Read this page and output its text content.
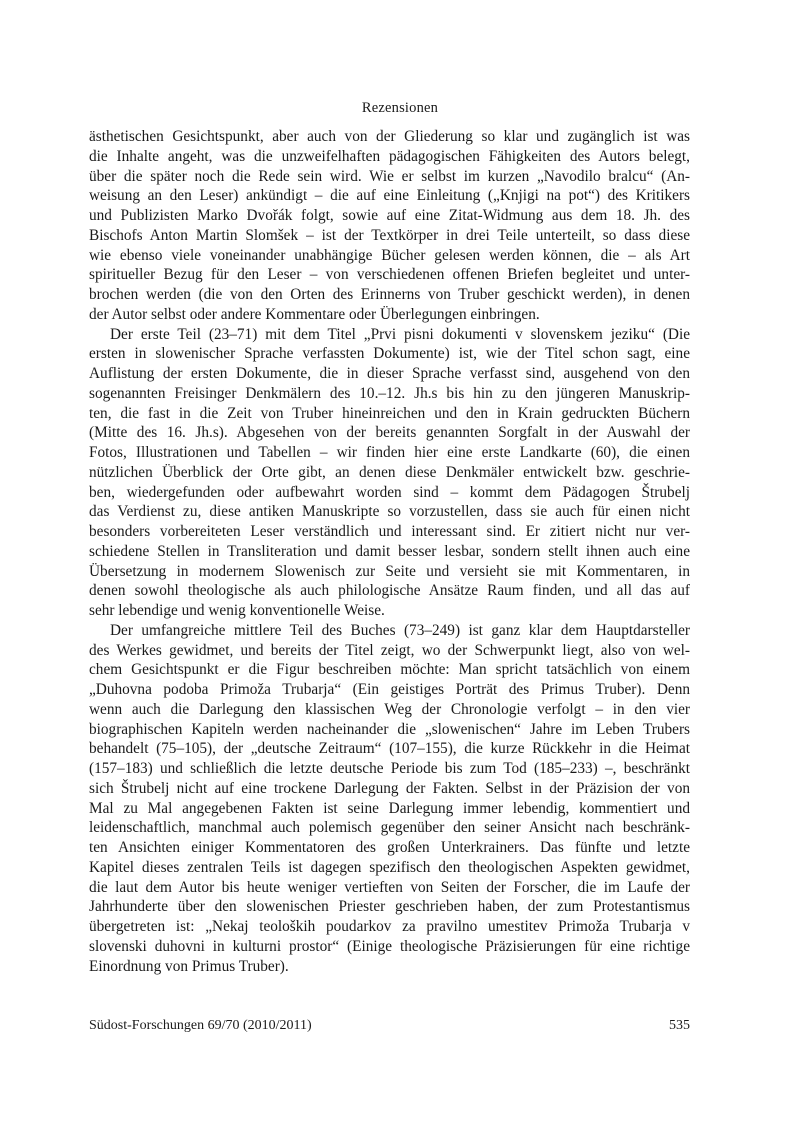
Rezensionen

ästhetischen Gesichtspunkt, aber auch von der Gliederung so klar und zugänglich ist was
die Inhalte angeht, was die unzweifelhaften pädagogischen Fähigkeiten des Autors belegt,
über die später noch die Rede sein wird. Wie er selbst im kurzen „Navodilo bralcu“ (An-
weisung an den Leser) ankündigt – die auf eine Einleitung („Knjigi na pot“) des Kritikers
und Publizisten Marko Dvořák folgt, sowie auf eine Zitat-Widmung aus dem 18. Jh. des
Bischofs Anton Martin Slomšek – ist der Textkörper in drei Teile unterteilt, so dass diese
wie ebenso viele voneinander unabhängige Bücher gelesen werden können, die – als Art
spiritueller Bezug für den Leser – von verschiedenen offenen Briefen begleitet und unter-
brochen werden (die von den Orten des Erinnerns von Truber geschickt werden), in denen
der Autor selbst oder andere Kommentare oder Überlegungen einbringen.

Der erste Teil (23–71) mit dem Titel „Prvi pisni dokumenti v slovenskem jeziku“ (Die
ersten in slowenischer Sprache verfassten Dokumente) ist, wie der Titel schon sagt, eine
Auflistung der ersten Dokumente, die in dieser Sprache verfasst sind, ausgehend von den
sogenannten Freisinger Denkmälern des 10.–12. Jh.s bis hin zu den jüngeren Manuskrip-
ten, die fast in die Zeit von Truber hineinreichen und den in Krain gedruckten Büchern
(Mitte des 16. Jh.s). Abgesehen von der bereits genannten Sorgfalt in der Auswahl der
Fotos, Illustrationen und Tabellen – wir finden hier eine erste Landkarte (60), die einen
nützlichen Überblick der Orte gibt, an denen diese Denkmäler entwickelt bzw. geschrie-
ben, wiedergefunden oder aufbewahrt worden sind – kommt dem Pädagogen Štrubelj
das Verdienst zu, diese antiken Manuskripte so vorzustellen, dass sie auch für einen nicht
besonders vorbereiteten Leser verständlich und interessant sind. Er zitiert nicht nur ver-
schiedene Stellen in Transliteration und damit besser lesbar, sondern stellt ihnen auch eine
Übersetzung in modernem Slowenisch zur Seite und versieht sie mit Kommentaren, in
denen sowohl theologische als auch philologische Ansätze Raum finden, und all das auf
sehr lebendige und wenig konventionelle Weise.

Der umfangreiche mittlere Teil des Buches (73–249) ist ganz klar dem Hauptdarsteller
des Werkes gewidmet, und bereits der Titel zeigt, wo der Schwerpunkt liegt, also von wel-
chem Gesichtspunkt er die Figur beschreiben möchte: Man spricht tatsächlich von einem
„Duhovna podoba Primoža Trubarja“ (Ein geistiges Porträt des Primus Truber). Denn
wenn auch die Darlegung den klassischen Weg der Chronologie verfolgt – in den vier
biographischen Kapiteln werden nacheinander die „slowenischen“ Jahre im Leben Trubers
behandelt (75–105), der „deutsche Zeitraum“ (107–155), die kurze Rückkehr in die Heimat
(157–183) und schließlich die letzte deutsche Periode bis zum Tod (185–233) –, beschränkt
sich Štrubelj nicht auf eine trockene Darlegung der Fakten. Selbst in der Präzision der von
Mal zu Mal angegebenen Fakten ist seine Darlegung immer lebendig, kommentiert und
leidenschaftlich, manchmal auch polemisch gegenüber den seiner Ansicht nach beschränk-
ten Ansichten einiger Kommentatoren des großen Unterkrainers. Das fünfte und letzte
Kapitel dieses zentralen Teils ist dagegen spezifisch den theologischen Aspekten gewidmet,
die laut dem Autor bis heute weniger vertieften von Seiten der Forscher, die im Laufe der
Jahrhunderte über den slowenischen Priester geschrieben haben, der zum Protestantismus
übergetreten ist: „Nekaj teoloških poudarkov za pravilno umestitev Primoža Trubarja v
slovenski duhovni in kulturni prostor“ (Einige theologische Präzisierungen für eine richtige
Einordnung von Primus Truber).

Südost-Forschungen 69/70 (2010/2011)	535
